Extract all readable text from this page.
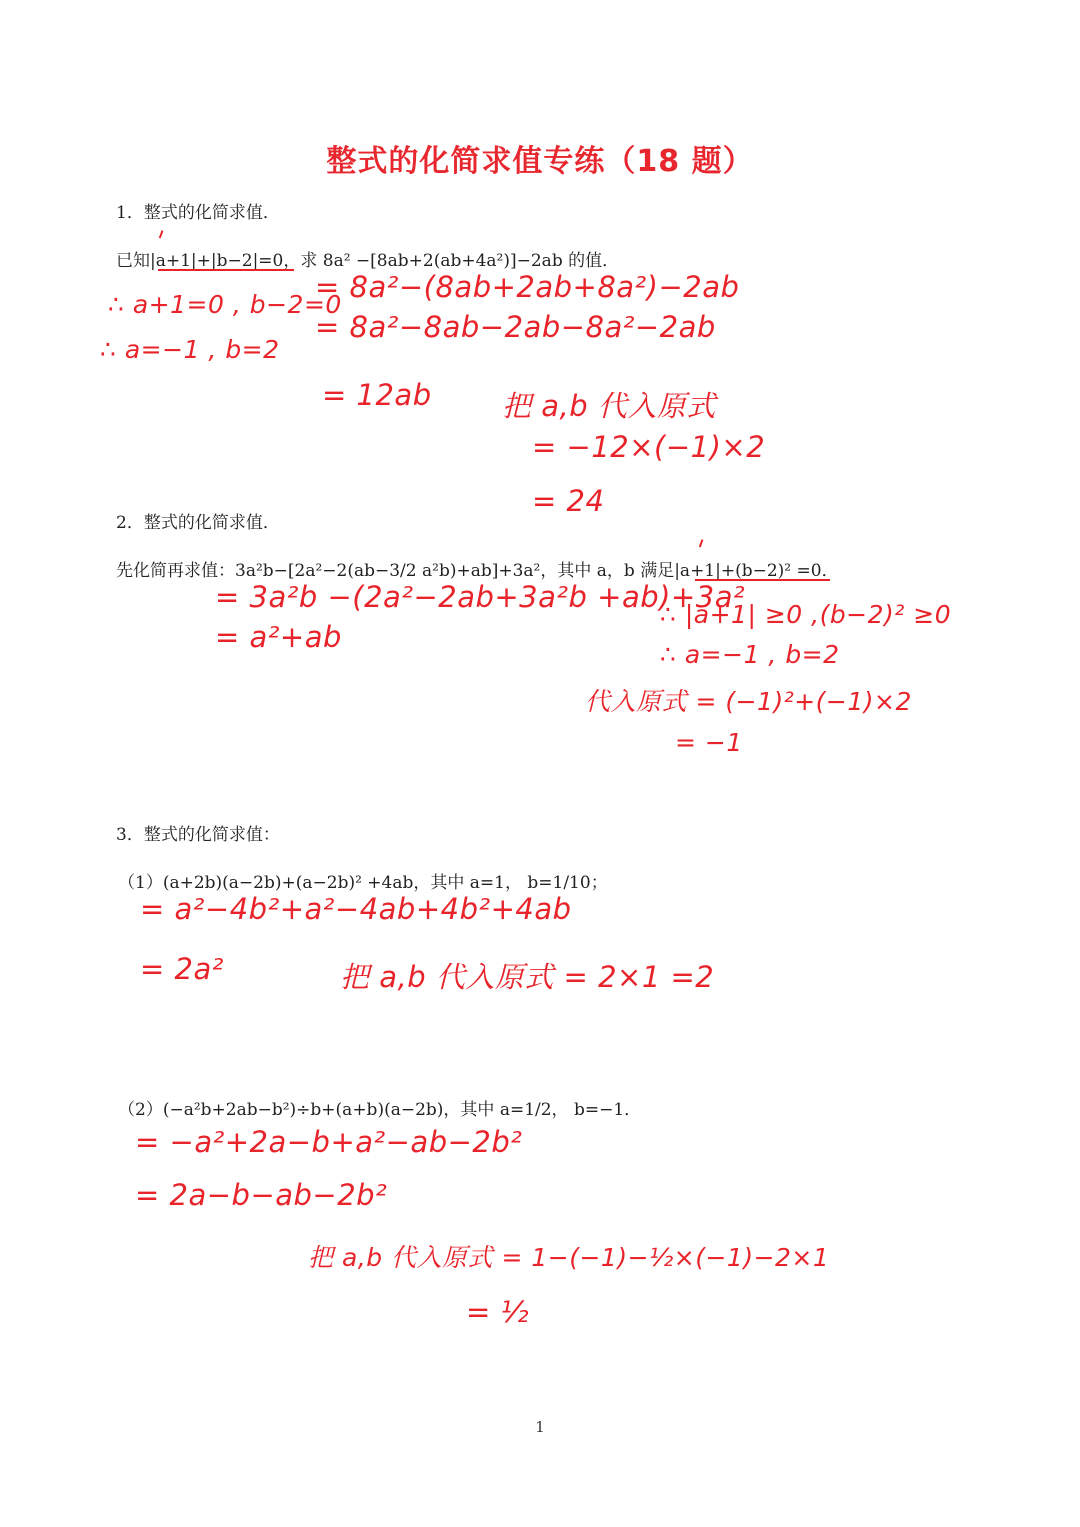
整式的化简求值专练（18 题）
1．整式的化简求值．
已知|a+1|+|b−2|=0，求 8a² −[8ab+2(ab+4a²)]−2ab 的值．
= 8a²−(8ab+2ab+8a²)−2ab
∴ a+1=0 , b−2=0
= 8a²−8ab−2ab−8a²−2ab
∴ a=−1 , b=2
= 12ab 把 a,b 代入原式
= −12×(−1)×2
= 24
2．整式的化简求值．
先化简再求值：3a²b−[2a²−2(ab−3/2 a²b)+ab]+3a²，其中 a，b 满足|a+1|+(b−2)² =0．
= 3a²b −(2a²−2ab+3a²b +ab)+3a²
= a²+ab
∴ |a+1| ≥0 ,(b−2)² ≥0
∴ a=−1 , b=2
代入原式 = (−1)²+(−1)×2
= −1
3．整式的化简求值：
（1）(a+2b)(a−2b)+(a−2b)² +4ab，其中 a=1， b=1/10；
= a²−4b²+a²−4ab+4b²+4ab
= 2a²	把 a,b 代入原式 = 2×1 =2
（2）(−a²b+2ab−b²)÷b+(a+b)(a−2b)，其中 a=1/2， b=−1．
= −a²+2a−b+a²−ab−2b²
= 2a−b−ab−2b²
把 a,b 代入原式 = 1−(−1)−½×(−1)−2×1
= ½
1
